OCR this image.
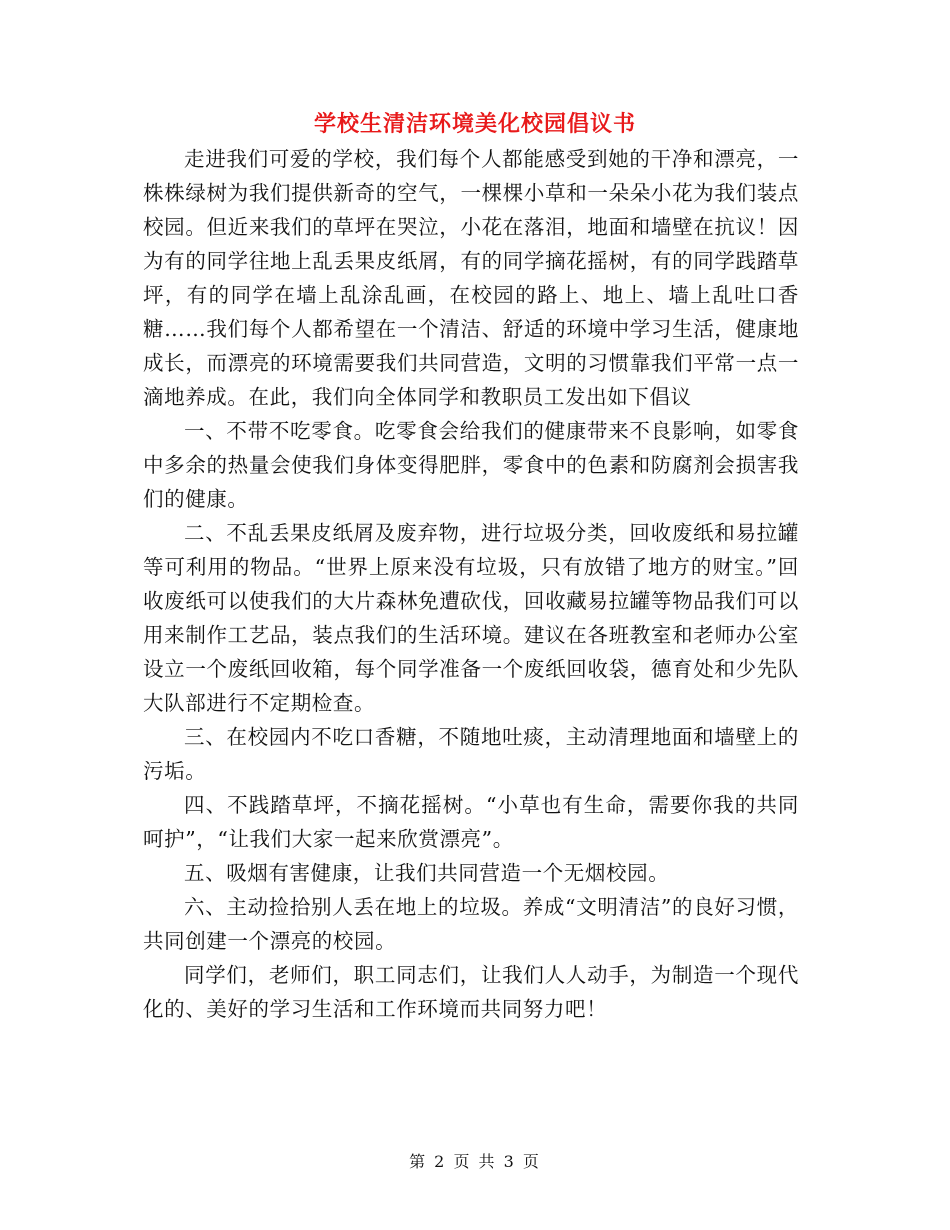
学校生清洁环境美化校园倡议书

走进我们可爱的学校，我们每个人都能感受到她的干净和漂亮，一株株绿树为我们提供新奇的空气，一棵棵小草和一朵朵小花为我们装点校园。但近来我们的草坪在哭泣，小花在落泪，地面和墙壁在抗议！因为有的同学往地上乱丢果皮纸屑，有的同学摘花摇树，有的同学践踏草坪，有的同学在墙上乱涂乱画，在校园的路上、地上、墙上乱吐口香糖……我们每个人都希望在一个清洁、舒适的环境中学习生活，健康地成长，而漂亮的环境需要我们共同营造，文明的习惯靠我们平常一点一滴地养成。在此，我们向全体同学和教职员工发出如下倡议

一、不带不吃零食。吃零食会给我们的健康带来不良影响，如零食中多余的热量会使我们身体变得肥胖，零食中的色素和防腐剂会损害我们的健康。

二、不乱丢果皮纸屑及废弃物，进行垃圾分类，回收废纸和易拉罐等可利用的物品。“世界上原来没有垃圾，只有放错了地方的财宝。”回收废纸可以使我们的大片森林免遭砍伐，回收藏易拉罐等物品我们可以用来制作工艺品，装点我们的生活环境。建议在各班教室和老师办公室设立一个废纸回收箱，每个同学准备一个废纸回收袋，德育处和少先队大队部进行不定期检查。

三、在校园内不吃口香糖，不随地吐痰，主动清理地面和墙壁上的污垢。

四、不践踏草坪，不摘花摇树。“小草也有生命，需要你我的共同呵护”，“让我们大家一起来欣赏漂亮”。

五、吸烟有害健康，让我们共同营造一个无烟校园。

六、主动捡拾别人丢在地上的垃圾。养成“文明清洁”的良好习惯，共同创建一个漂亮的校园。

同学们，老师们，职工同志们，让我们人人动手，为制造一个现代化的、美好的学习生活和工作环境而共同努力吧！

第 2 页 共 3 页
